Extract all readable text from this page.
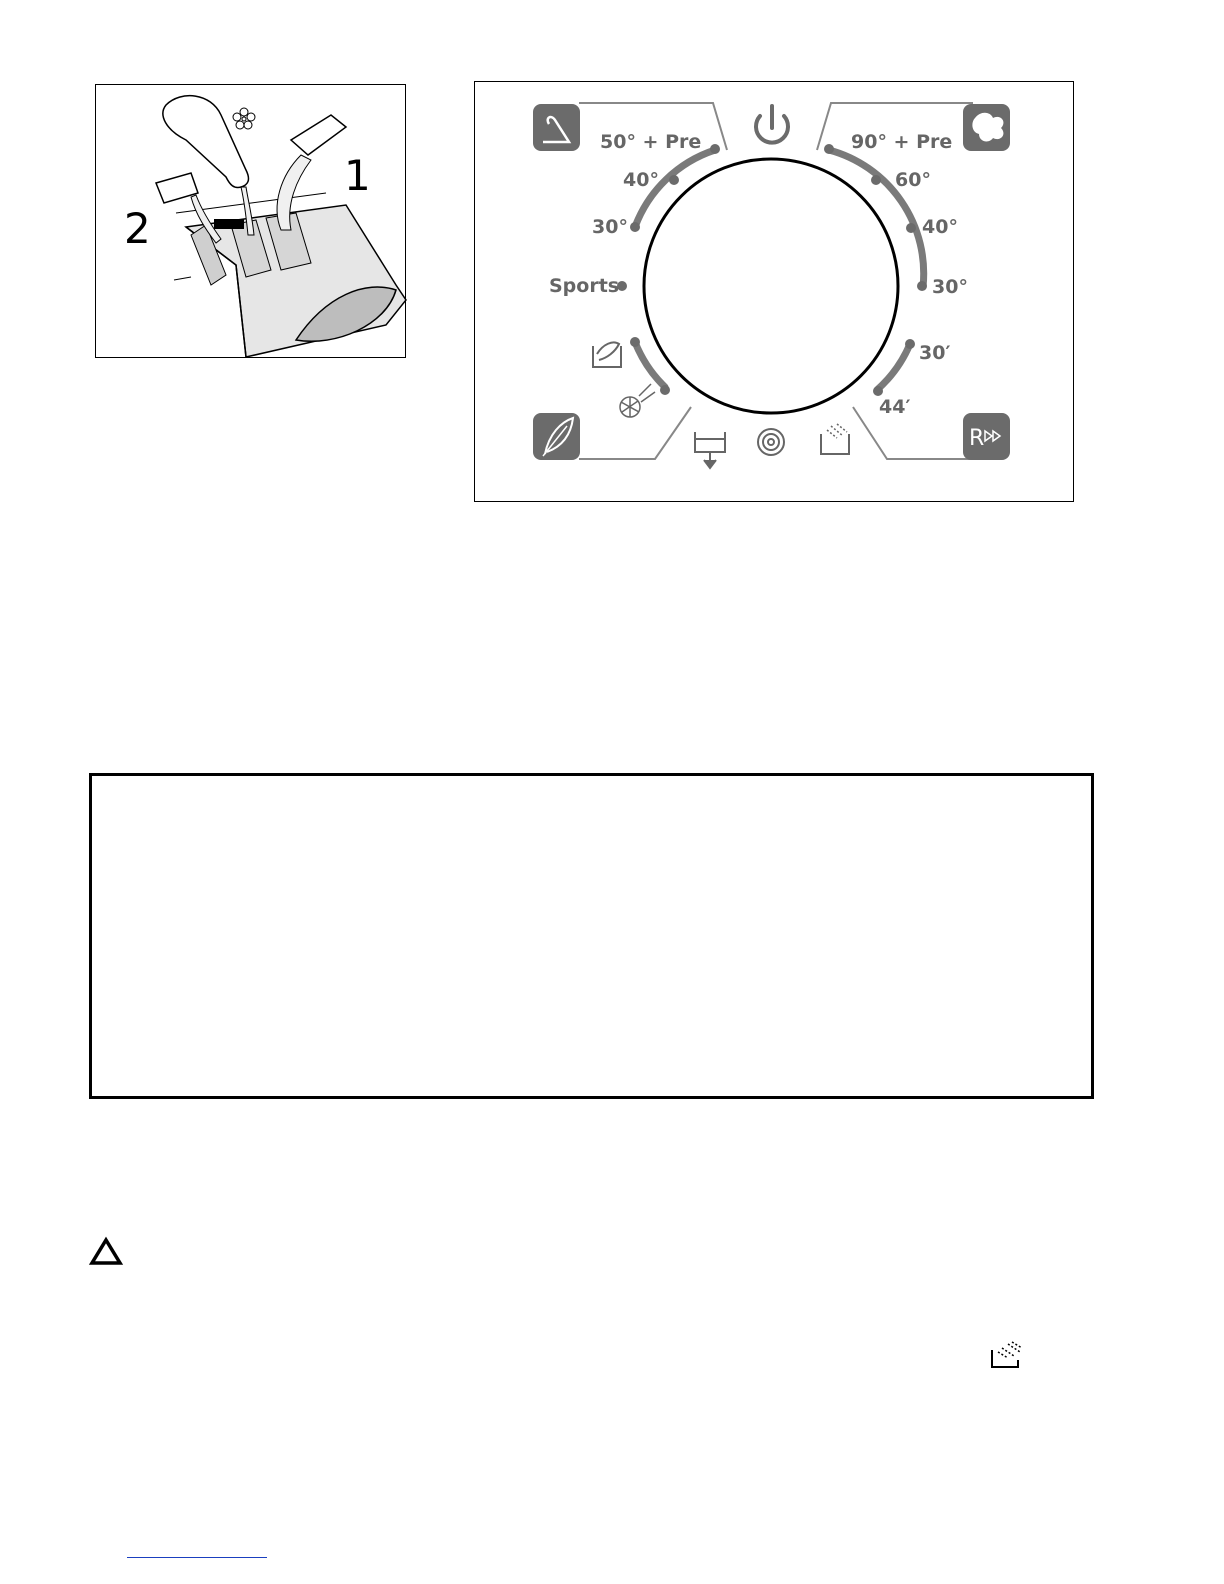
1
2
50° + Pre
40°
30°
Sports
90° + Pre
60°
40°
30°
30′
44′
R
